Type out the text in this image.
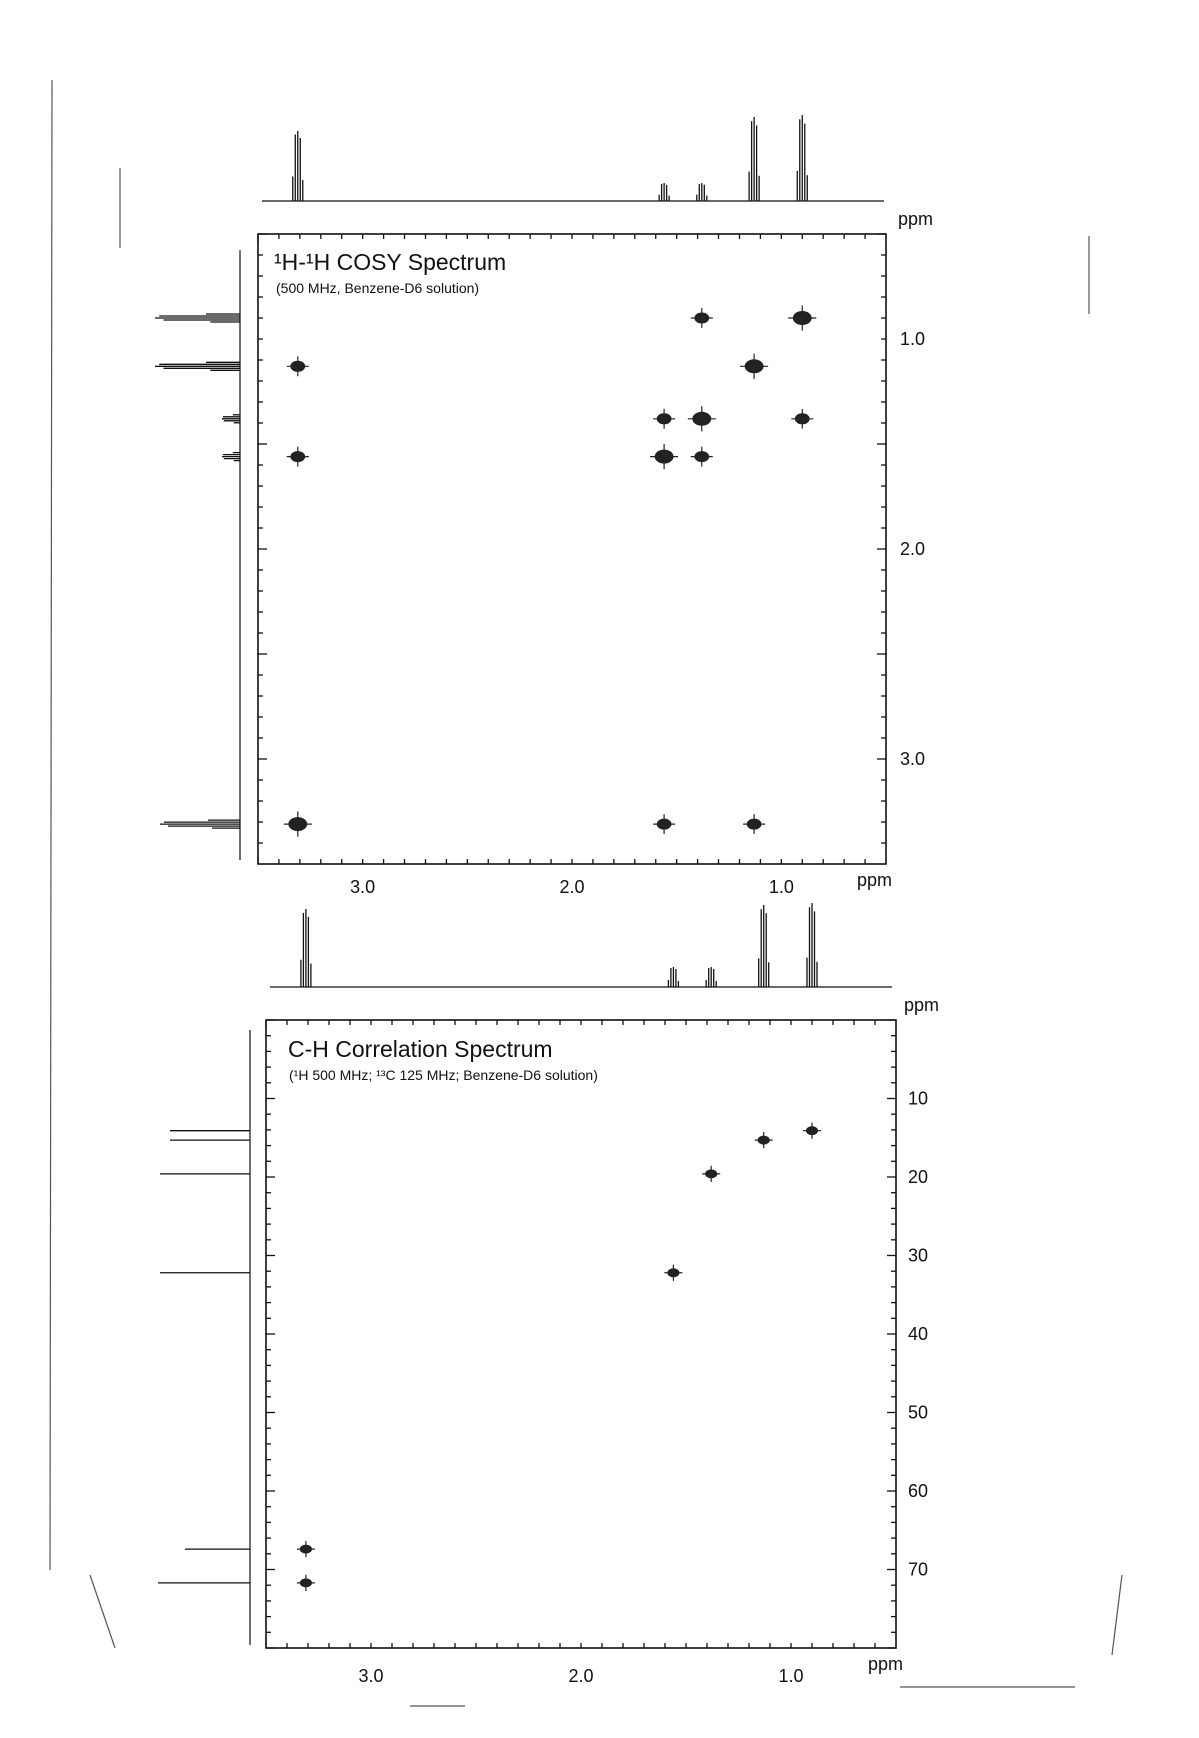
3.0	2.0	1.0
1.0
2.0
3.0
¹H-¹H COSY Spectrum
(500 MHz, Benzene-D6 solution)
ppm
ppm
3.0	2.0	1.0
10
20
30
40
50
60
70
C-H Correlation Spectrum
(¹H 500 MHz; ¹³C 125 MHz; Benzene-D6 solution)
ppm
ppm
